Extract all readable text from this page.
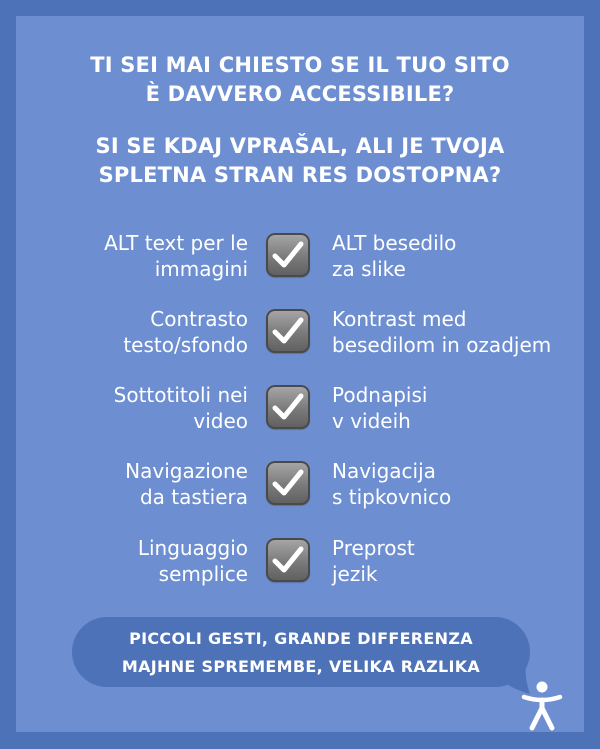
TI SEI MAI CHIESTO SE IL TUO SITO
È DAVVERO ACCESSIBILE?
SI SE KDAJ VPRAŠAL, ALI JE TVOJA
SPLETNA STRAN RES DOSTOPNA?
ALT text per le
immagini
ALT besedilo
za slike
Contrasto
testo/sfondo
Kontrast med
besedilom in ozadjem
Sottotitoli nei
video
Podnapisi
v videih
Navigazione
da tastiera
Navigacija
s tipkovnico
Linguaggio
semplice
Preprost
jezik
PICCOLI GESTI, GRANDE DIFFERENZA
MAJHNE SPREMEMBE, VELIKA RAZLIKA
